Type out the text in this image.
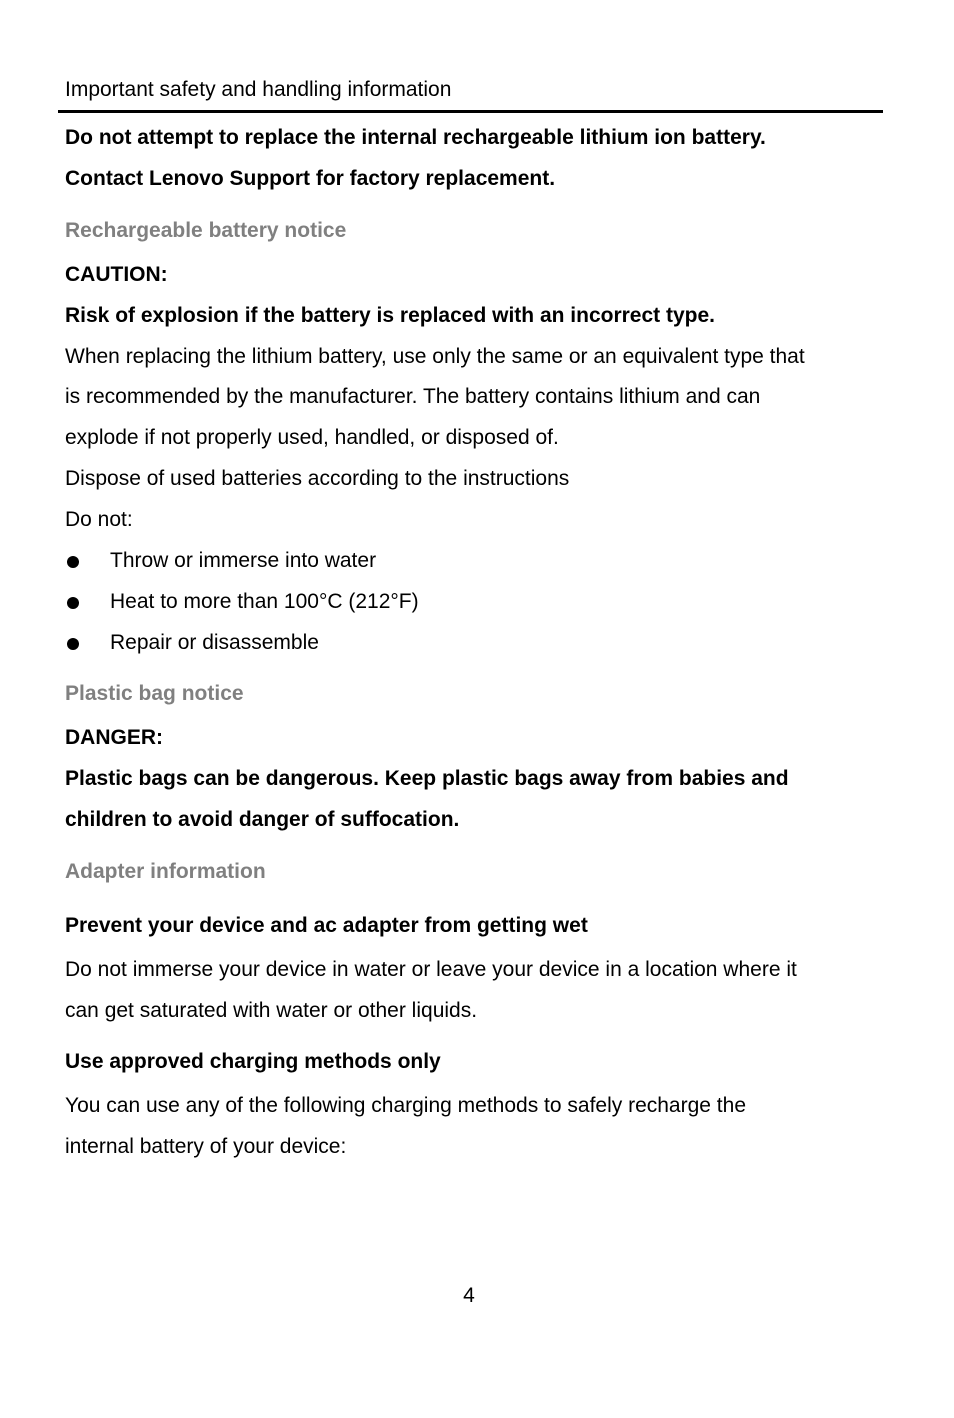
Important safety and handling information
Do not attempt to replace the internal rechargeable lithium ion battery.
Contact Lenovo Support for factory replacement.
Rechargeable battery notice
CAUTION:
Risk of explosion if the battery is replaced with an incorrect type.
When replacing the lithium battery, use only the same or an equivalent type that
is recommended by the manufacturer. The battery contains lithium and can
explode if not properly used, handled, or disposed of.
Dispose of used batteries according to the instructions
Do not:
Throw or immerse into water
Heat to more than 100°C (212°F)
Repair or disassemble
Plastic bag notice
DANGER:
Plastic bags can be dangerous. Keep plastic bags away from babies and
children to avoid danger of suffocation.
Adapter information
Prevent your device and ac adapter from getting wet
Do not immerse your device in water or leave your device in a location where it
can get saturated with water or other liquids.
Use approved charging methods only
You can use any of the following charging methods to safely recharge the
internal battery of your device:
4
